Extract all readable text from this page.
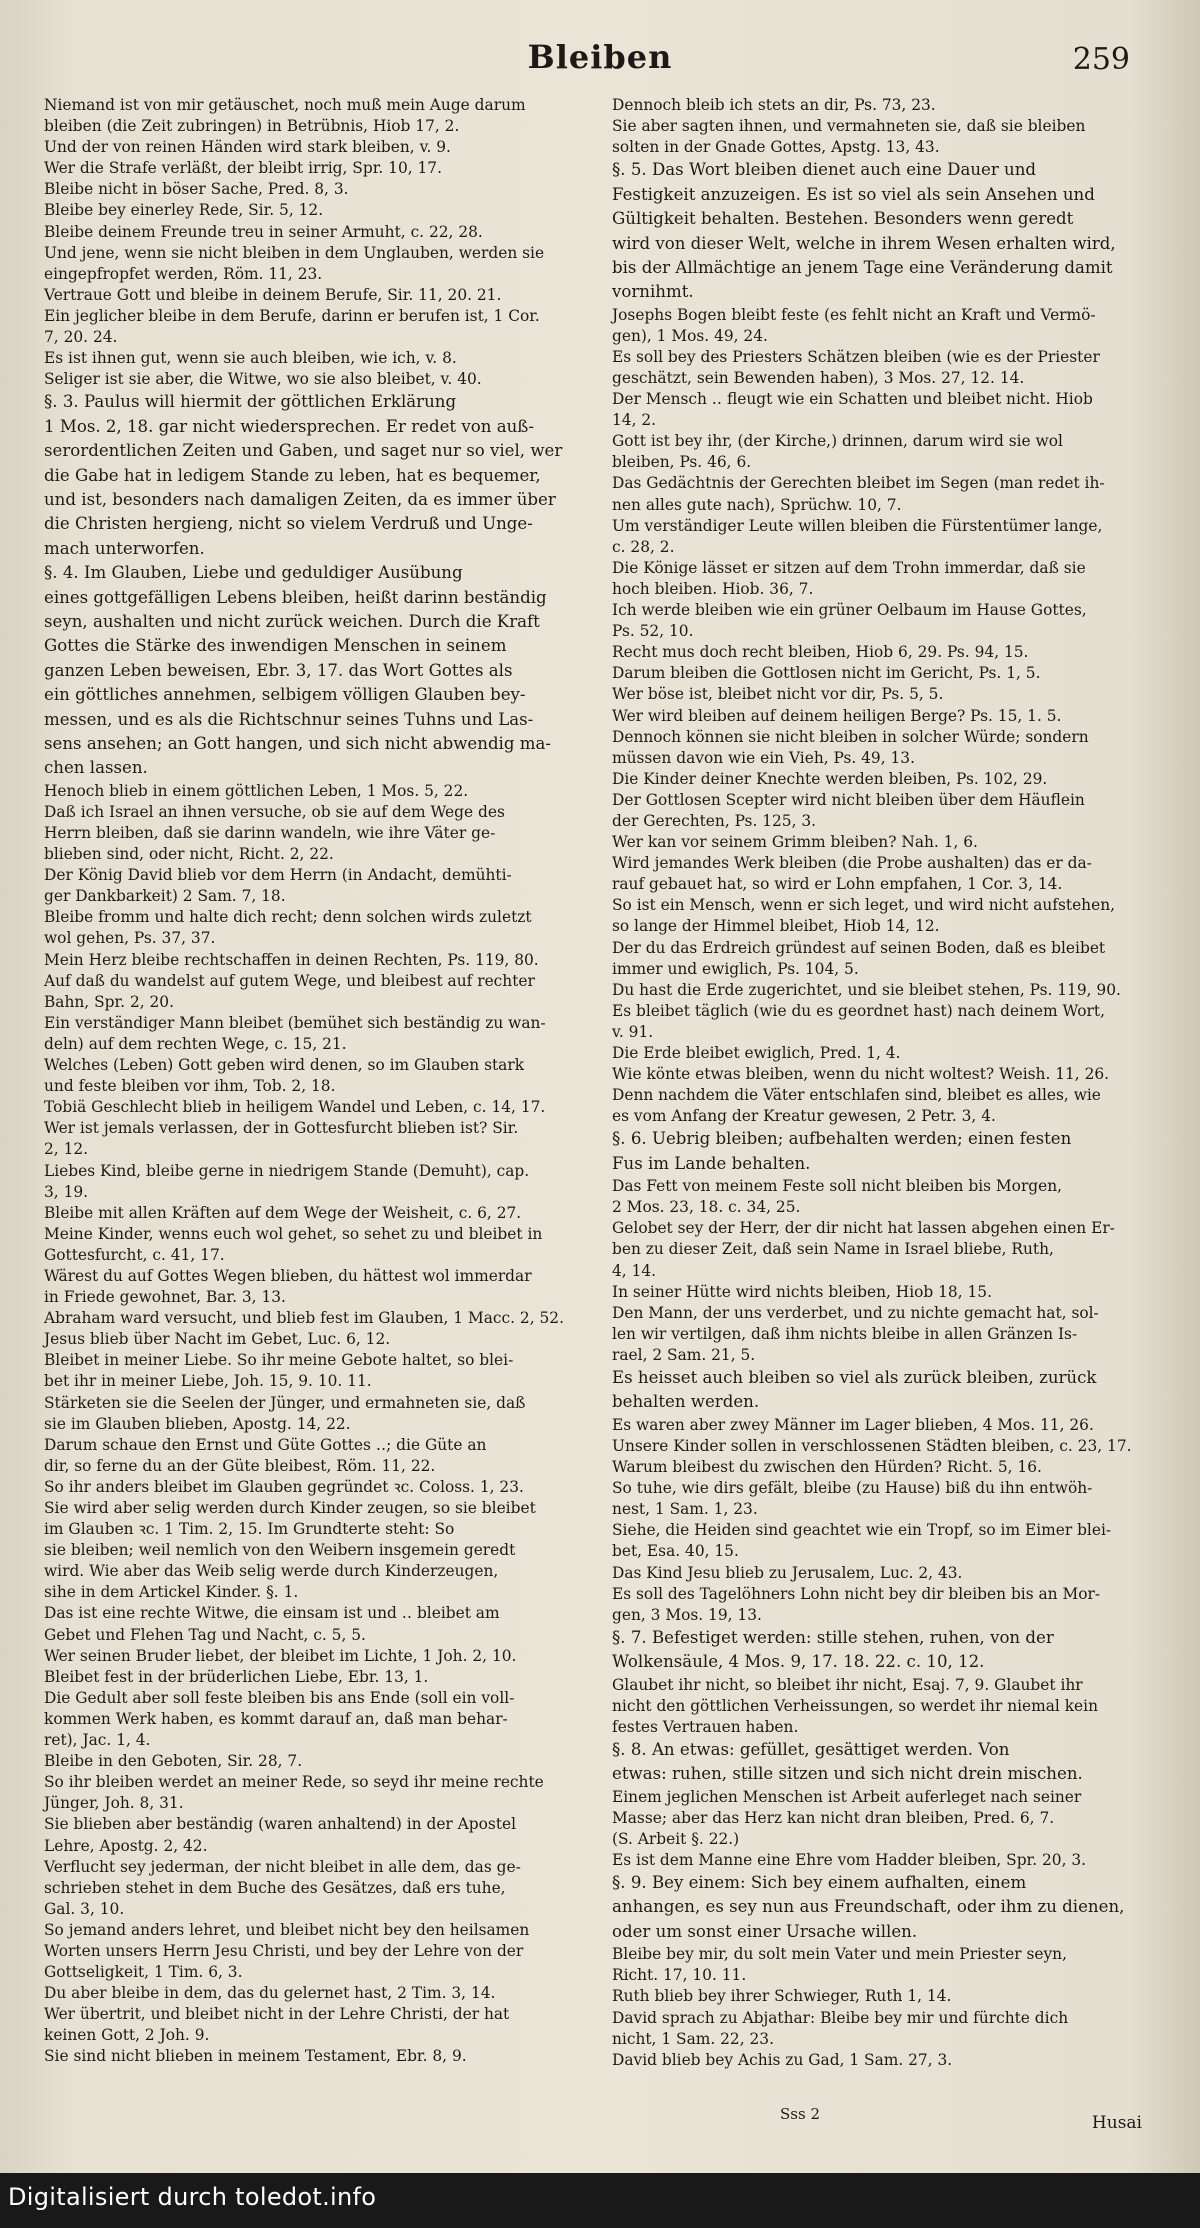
Bleiben	259

Niemand ist von mir getäuschet, noch muß mein Auge darum

bleiben (die Zeit zubringen) in Betrübnis, Hiob 17, 2.

Und der von reinen Händen wird stark bleiben, v. 9.

Wer die Strafe verläßt, der bleibt irrig, Spr. 10, 17.

Bleibe nicht in böser Sache, Pred. 8, 3.

Bleibe bey einerley Rede, Sir. 5, 12.

Bleibe deinem Freunde treu in seiner Armuht, c. 22, 28.

Und jene, wenn sie nicht bleiben in dem Unglauben, werden sie

eingepfropfet werden, Röm. 11, 23.

Vertraue Gott und bleibe in deinem Berufe, Sir. 11, 20. 21.

Ein jeglicher bleibe in dem Berufe, darinn er berufen ist, 1 Cor.

7, 20. 24.

Es ist ihnen gut, wenn sie auch bleiben, wie ich, v. 8.

Seliger ist sie aber, die Witwe, wo sie also bleibet, v. 40.

§. 3. Paulus will hiermit der göttlichen Erklärung

1 Mos. 2, 18. gar nicht wiedersprechen. Er redet von auß-

serordentlichen Zeiten und Gaben, und saget nur so viel, wer

die Gabe hat in ledigem Stande zu leben, hat es bequemer,

und ist, besonders nach damaligen Zeiten, da es immer über

die Christen hergieng, nicht so vielem Verdruß und Unge-

mach unterworfen.

§. 4. Im Glauben, Liebe und geduldiger Ausübung

eines gottgefälligen Lebens bleiben, heißt darinn beständig

seyn, aushalten und nicht zurück weichen. Durch die Kraft

Gottes die Stärke des inwendigen Menschen in seinem

ganzen Leben beweisen, Ebr. 3, 17. das Wort Gottes als

ein göttliches annehmen, selbigem völligen Glauben bey-

messen, und es als die Richtschnur seines Tuhns und Las-

sens ansehen; an Gott hangen, und sich nicht abwendig ma-

chen lassen.

Henoch blieb in einem göttlichen Leben, 1 Mos. 5, 22.

Daß ich Israel an ihnen versuche, ob sie auf dem Wege des

Herrn bleiben, daß sie darinn wandeln, wie ihre Väter ge-

blieben sind, oder nicht, Richt. 2, 22.

Der König David blieb vor dem Herrn (in Andacht, demühti-

ger Dankbarkeit) 2 Sam. 7, 18.

Bleibe fromm und halte dich recht; denn solchen wirds zuletzt

wol gehen, Ps. 37, 37.

Mein Herz bleibe rechtschaffen in deinen Rechten, Ps. 119, 80.

Auf daß du wandelst auf gutem Wege, und bleibest auf rechter

Bahn, Spr. 2, 20.

Ein verständiger Mann bleibet (bemühet sich beständig zu wan-

deln) auf dem rechten Wege, c. 15, 21.

Welches (Leben) Gott geben wird denen, so im Glauben stark

und feste bleiben vor ihm, Tob. 2, 18.

Tobiä Geschlecht blieb in heiligem Wandel und Leben, c. 14, 17.

Wer ist jemals verlassen, der in Gottesfurcht blieben ist? Sir.

2, 12.

Liebes Kind, bleibe gerne in niedrigem Stande (Demuht), cap.

3, 19.

Bleibe mit allen Kräften auf dem Wege der Weisheit, c. 6, 27.

Meine Kinder, wenns euch wol gehet, so sehet zu und bleibet in

Gottesfurcht, c. 41, 17.

Wärest du auf Gottes Wegen blieben, du hättest wol immerdar

in Friede gewohnet, Bar. 3, 13.

Abraham ward versucht, und blieb fest im Glauben, 1 Macc. 2, 52.

Jesus blieb über Nacht im Gebet, Luc. 6, 12.

Bleibet in meiner Liebe. So ihr meine Gebote haltet, so blei-

bet ihr in meiner Liebe, Joh. 15, 9. 10. 11.

Stärketen sie die Seelen der Jünger, und ermahneten sie, daß

sie im Glauben blieben, Apostg. 14, 22.

Darum schaue den Ernst und Güte Gottes ‥; die Güte an

dir, so ferne du an der Güte bleibest, Röm. 11, 22.

So ihr anders bleibet im Glauben gegründet ꝛc. Coloss. 1, 23.

Sie wird aber selig werden durch Kinder zeugen, so sie bleibet

im Glauben ꝛc. 1 Tim. 2, 15. Im Grundterte steht: So

sie bleiben; weil nemlich von den Weibern insgemein geredt

wird. Wie aber das Weib selig werde durch Kinderzeugen,

sihe in dem Artickel Kinder. §. 1.

Das ist eine rechte Witwe, die einsam ist und ‥ bleibet am

Gebet und Flehen Tag und Nacht, c. 5, 5.

Wer seinen Bruder liebet, der bleibet im Lichte, 1 Joh. 2, 10.

Bleibet fest in der brüderlichen Liebe, Ebr. 13, 1.

Die Gedult aber soll feste bleiben bis ans Ende (soll ein voll-

kommen Werk haben, es kommt darauf an, daß man behar-

ret), Jac. 1, 4.

Bleibe in den Geboten, Sir. 28, 7.

So ihr bleiben werdet an meiner Rede, so seyd ihr meine rechte

Jünger, Joh. 8, 31.

Sie blieben aber beständig (waren anhaltend) in der Apostel

Lehre, Apostg. 2, 42.

Verflucht sey jederman, der nicht bleibet in alle dem, das ge-

schrieben stehet in dem Buche des Gesätzes, daß ers tuhe,

Gal. 3, 10.

So jemand anders lehret, und bleibet nicht bey den heilsamen

Worten unsers Herrn Jesu Christi, und bey der Lehre von der

Gottseligkeit, 1 Tim. 6, 3.

Du aber bleibe in dem, das du gelernet hast, 2 Tim. 3, 14.

Wer übertrit, und bleibet nicht in der Lehre Christi, der hat

keinen Gott, 2 Joh. 9.

Sie sind nicht blieben in meinem Testament, Ebr. 8, 9.

Dennoch bleib ich stets an dir, Ps. 73, 23.

Sie aber sagten ihnen, und vermahneten sie, daß sie bleiben

solten in der Gnade Gottes, Apstg. 13, 43.

§. 5. Das Wort bleiben dienet auch eine Dauer und

Festigkeit anzuzeigen. Es ist so viel als sein Ansehen und

Gültigkeit behalten. Bestehen. Besonders wenn geredt

wird von dieser Welt, welche in ihrem Wesen erhalten wird,

bis der Allmächtige an jenem Tage eine Veränderung damit

vornihmt.

Josephs Bogen bleibt feste (es fehlt nicht an Kraft und Vermö-

gen), 1 Mos. 49, 24.

Es soll bey des Priesters Schätzen bleiben (wie es der Priester

geschätzt, sein Bewenden haben), 3 Mos. 27, 12. 14.

Der Mensch ‥ fleugt wie ein Schatten und bleibet nicht. Hiob

14, 2.

Gott ist bey ihr, (der Kirche,) drinnen, darum wird sie wol

bleiben, Ps. 46, 6.

Das Gedächtnis der Gerechten bleibet im Segen (man redet ih-

nen alles gute nach), Sprüchw. 10, 7.

Um verständiger Leute willen bleiben die Fürstentümer lange,

c. 28, 2.

Die Könige lässet er sitzen auf dem Trohn immerdar, daß sie

hoch bleiben. Hiob. 36, 7.

Ich werde bleiben wie ein grüner Oelbaum im Hause Gottes,

Ps. 52, 10.

Recht mus doch recht bleiben, Hiob 6, 29. Ps. 94, 15.

Darum bleiben die Gottlosen nicht im Gericht, Ps. 1, 5.

Wer böse ist, bleibet nicht vor dir, Ps. 5, 5.

Wer wird bleiben auf deinem heiligen Berge? Ps. 15, 1. 5.

Dennoch können sie nicht bleiben in solcher Würde; sondern

müssen davon wie ein Vieh, Ps. 49, 13.

Die Kinder deiner Knechte werden bleiben, Ps. 102, 29.

Der Gottlosen Scepter wird nicht bleiben über dem Häuflein

der Gerechten, Ps. 125, 3.

Wer kan vor seinem Grimm bleiben? Nah. 1, 6.

Wird jemandes Werk bleiben (die Probe aushalten) das er da-

rauf gebauet hat, so wird er Lohn empfahen, 1 Cor. 3, 14.

So ist ein Mensch, wenn er sich leget, und wird nicht aufstehen,

so lange der Himmel bleibet, Hiob 14, 12.

Der du das Erdreich gründest auf seinen Boden, daß es bleibet

immer und ewiglich, Ps. 104, 5.

Du hast die Erde zugerichtet, und sie bleibet stehen, Ps. 119, 90.

Es bleibet täglich (wie du es geordnet hast) nach deinem Wort,

v. 91.

Die Erde bleibet ewiglich, Pred. 1, 4.

Wie könte etwas bleiben, wenn du nicht woltest? Weish. 11, 26.

Denn nachdem die Väter entschlafen sind, bleibet es alles, wie

es vom Anfang der Kreatur gewesen, 2 Petr. 3, 4.

§. 6. Uebrig bleiben; aufbehalten werden; einen festen

Fus im Lande behalten.

Das Fett von meinem Feste soll nicht bleiben bis Morgen,

2 Mos. 23, 18. c. 34, 25.

Gelobet sey der Herr, der dir nicht hat lassen abgehen einen Er-

ben zu dieser Zeit, daß sein Name in Israel bliebe, Ruth,

4, 14.

In seiner Hütte wird nichts bleiben, Hiob 18, 15.

Den Mann, der uns verderbet, und zu nichte gemacht hat, sol-

len wir vertilgen, daß ihm nichts bleibe in allen Gränzen Is-

rael, 2 Sam. 21, 5.

Es heisset auch bleiben so viel als zurück bleiben, zurück

behalten werden.

Es waren aber zwey Männer im Lager blieben, 4 Mos. 11, 26.

Unsere Kinder sollen in verschlossenen Städten bleiben, c. 23, 17.

Warum bleibest du zwischen den Hürden? Richt. 5, 16.

So tuhe, wie dirs gefält, bleibe (zu Hause) biß du ihn entwöh-

nest, 1 Sam. 1, 23.

Siehe, die Heiden sind geachtet wie ein Tropf, so im Eimer blei-

bet, Esa. 40, 15.

Das Kind Jesu blieb zu Jerusalem, Luc. 2, 43.

Es soll des Tagelöhners Lohn nicht bey dir bleiben bis an Mor-

gen, 3 Mos. 19, 13.

§. 7. Befestiget werden: stille stehen, ruhen, von der

Wolkensäule, 4 Mos. 9, 17. 18. 22. c. 10, 12.

Glaubet ihr nicht, so bleibet ihr nicht, Esaj. 7, 9. Glaubet ihr

nicht den göttlichen Verheissungen, so werdet ihr niemal kein

festes Vertrauen haben.

§. 8. An etwas: gefüllet, gesättiget werden. Von

etwas: ruhen, stille sitzen und sich nicht drein mischen.

Einem jeglichen Menschen ist Arbeit auferleget nach seiner

Masse; aber das Herz kan nicht dran bleiben, Pred. 6, 7.

(S. Arbeit §. 22.)

Es ist dem Manne eine Ehre vom Hadder bleiben, Spr. 20, 3.

§. 9. Bey einem: Sich bey einem aufhalten, einem

anhangen, es sey nun aus Freundschaft, oder ihm zu dienen,

oder um sonst einer Ursache willen.

Bleibe bey mir, du solt mein Vater und mein Priester seyn,

Richt. 17, 10. 11.

Ruth blieb bey ihrer Schwieger, Ruth 1, 14.

David sprach zu Abjathar: Bleibe bey mir und fürchte dich

nicht, 1 Sam. 22, 23.

David blieb bey Achis zu Gad, 1 Sam. 27, 3.

Sss 2	Husai
Digitalisiert durch toledot.info
